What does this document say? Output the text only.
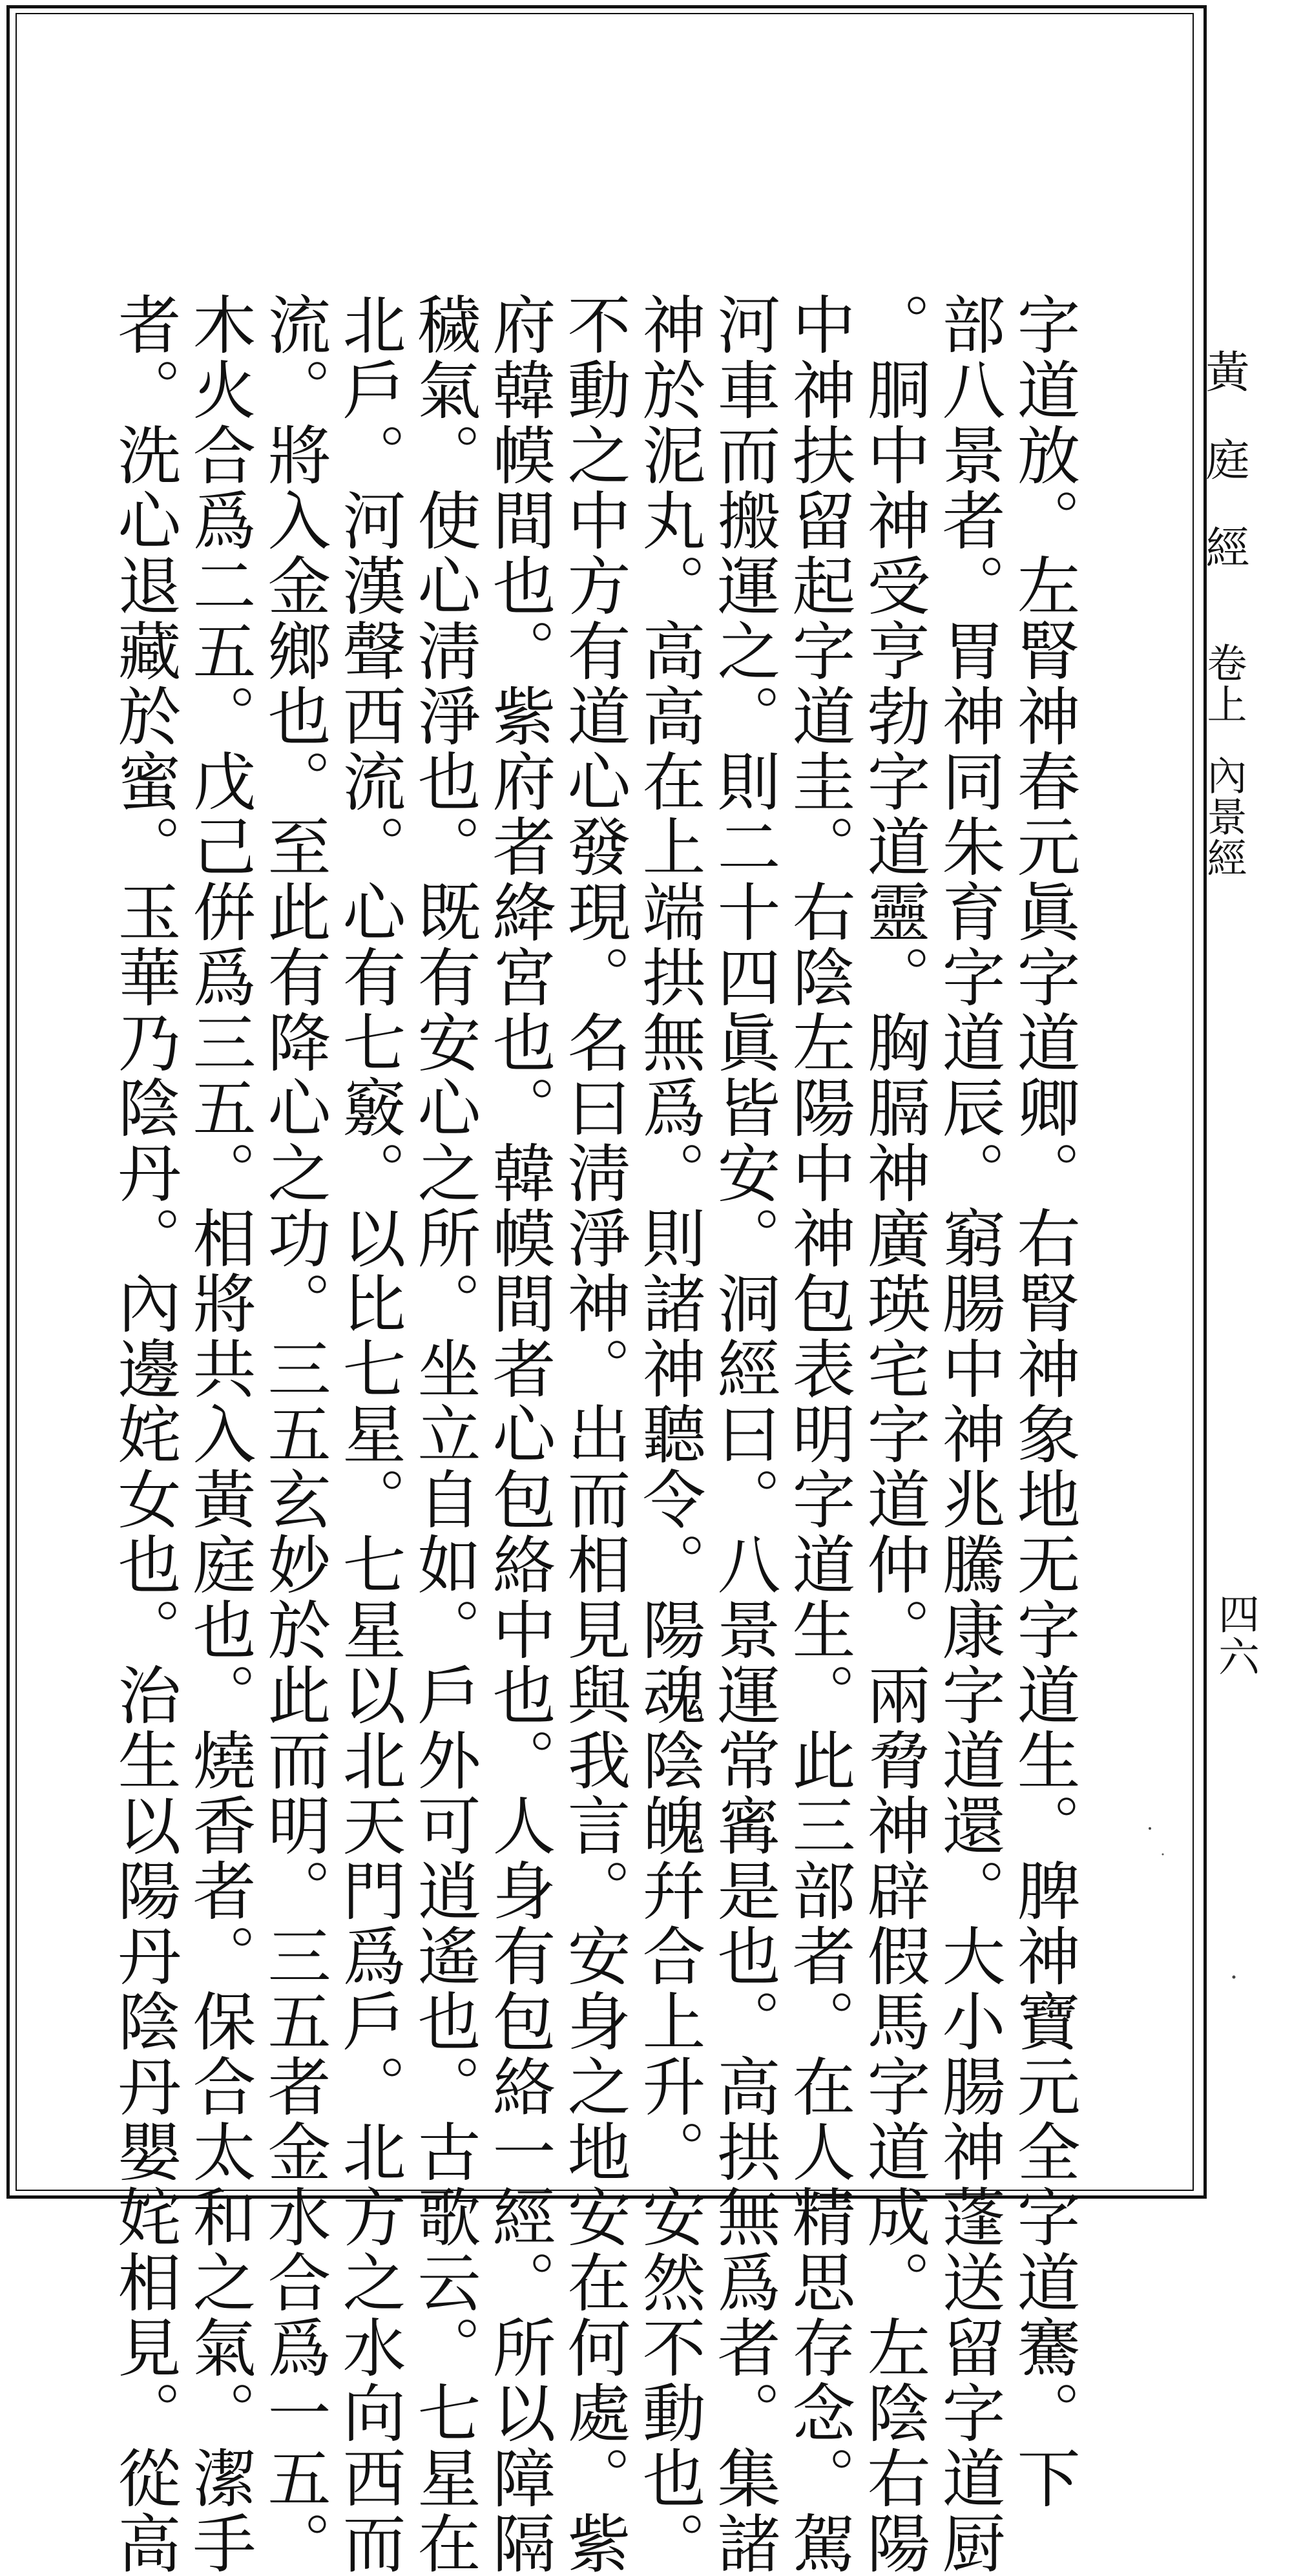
黃庭經卷上內景經
四六
字道放。左腎神春元眞字道卿。右腎神象地无字道生。脾神寶元全字道騫。下
部八景者。胃神同朱育字道辰。窮腸中神兆騰康字道還。大小腸神蓬送留字道厨
。胴中神受亨勃字道靈。胸膈神廣瑛宅字道仲。兩脅神辟假馬字道成。左陰右陽
中神扶留起字道圭。右陰左陽中神包表明字道生。此三部者。在人精思存念。駕
河車而搬運之。則二十四眞皆安。洞經曰。八景運常寗是也。高拱無爲者。集諸
神於泥丸。高高在上端拱無爲。則諸神聽令。陽魂陰魄幷合上升。安然不動也。
不動之中方有道心發現。名曰淸淨神。出而相見與我言。安身之地安在何處。紫
府韓幙間也。紫府者絳宮也。韓幙間者心包絡中也。人身有包絡一經。所以障隔
穢氣。使心淸淨也。既有安心之所。坐立自如。戶外可逍遙也。古歌云。七星在
北戶。河漢聲西流。心有七竅。以比七星。七星以北天門爲戶。北方之水向西而
流。將入金鄉也。至此有降心之功。三五玄妙於此而明。三五者金水合爲一五。
木火合爲二五。戊己倂爲三五。相將共入黃庭也。燒香者。保合太和之氣。潔手
者。洗心退藏於蜜。玉華乃陰丹。內邊姹女也。治生以陽丹陰丹嬰姹相見。從高
